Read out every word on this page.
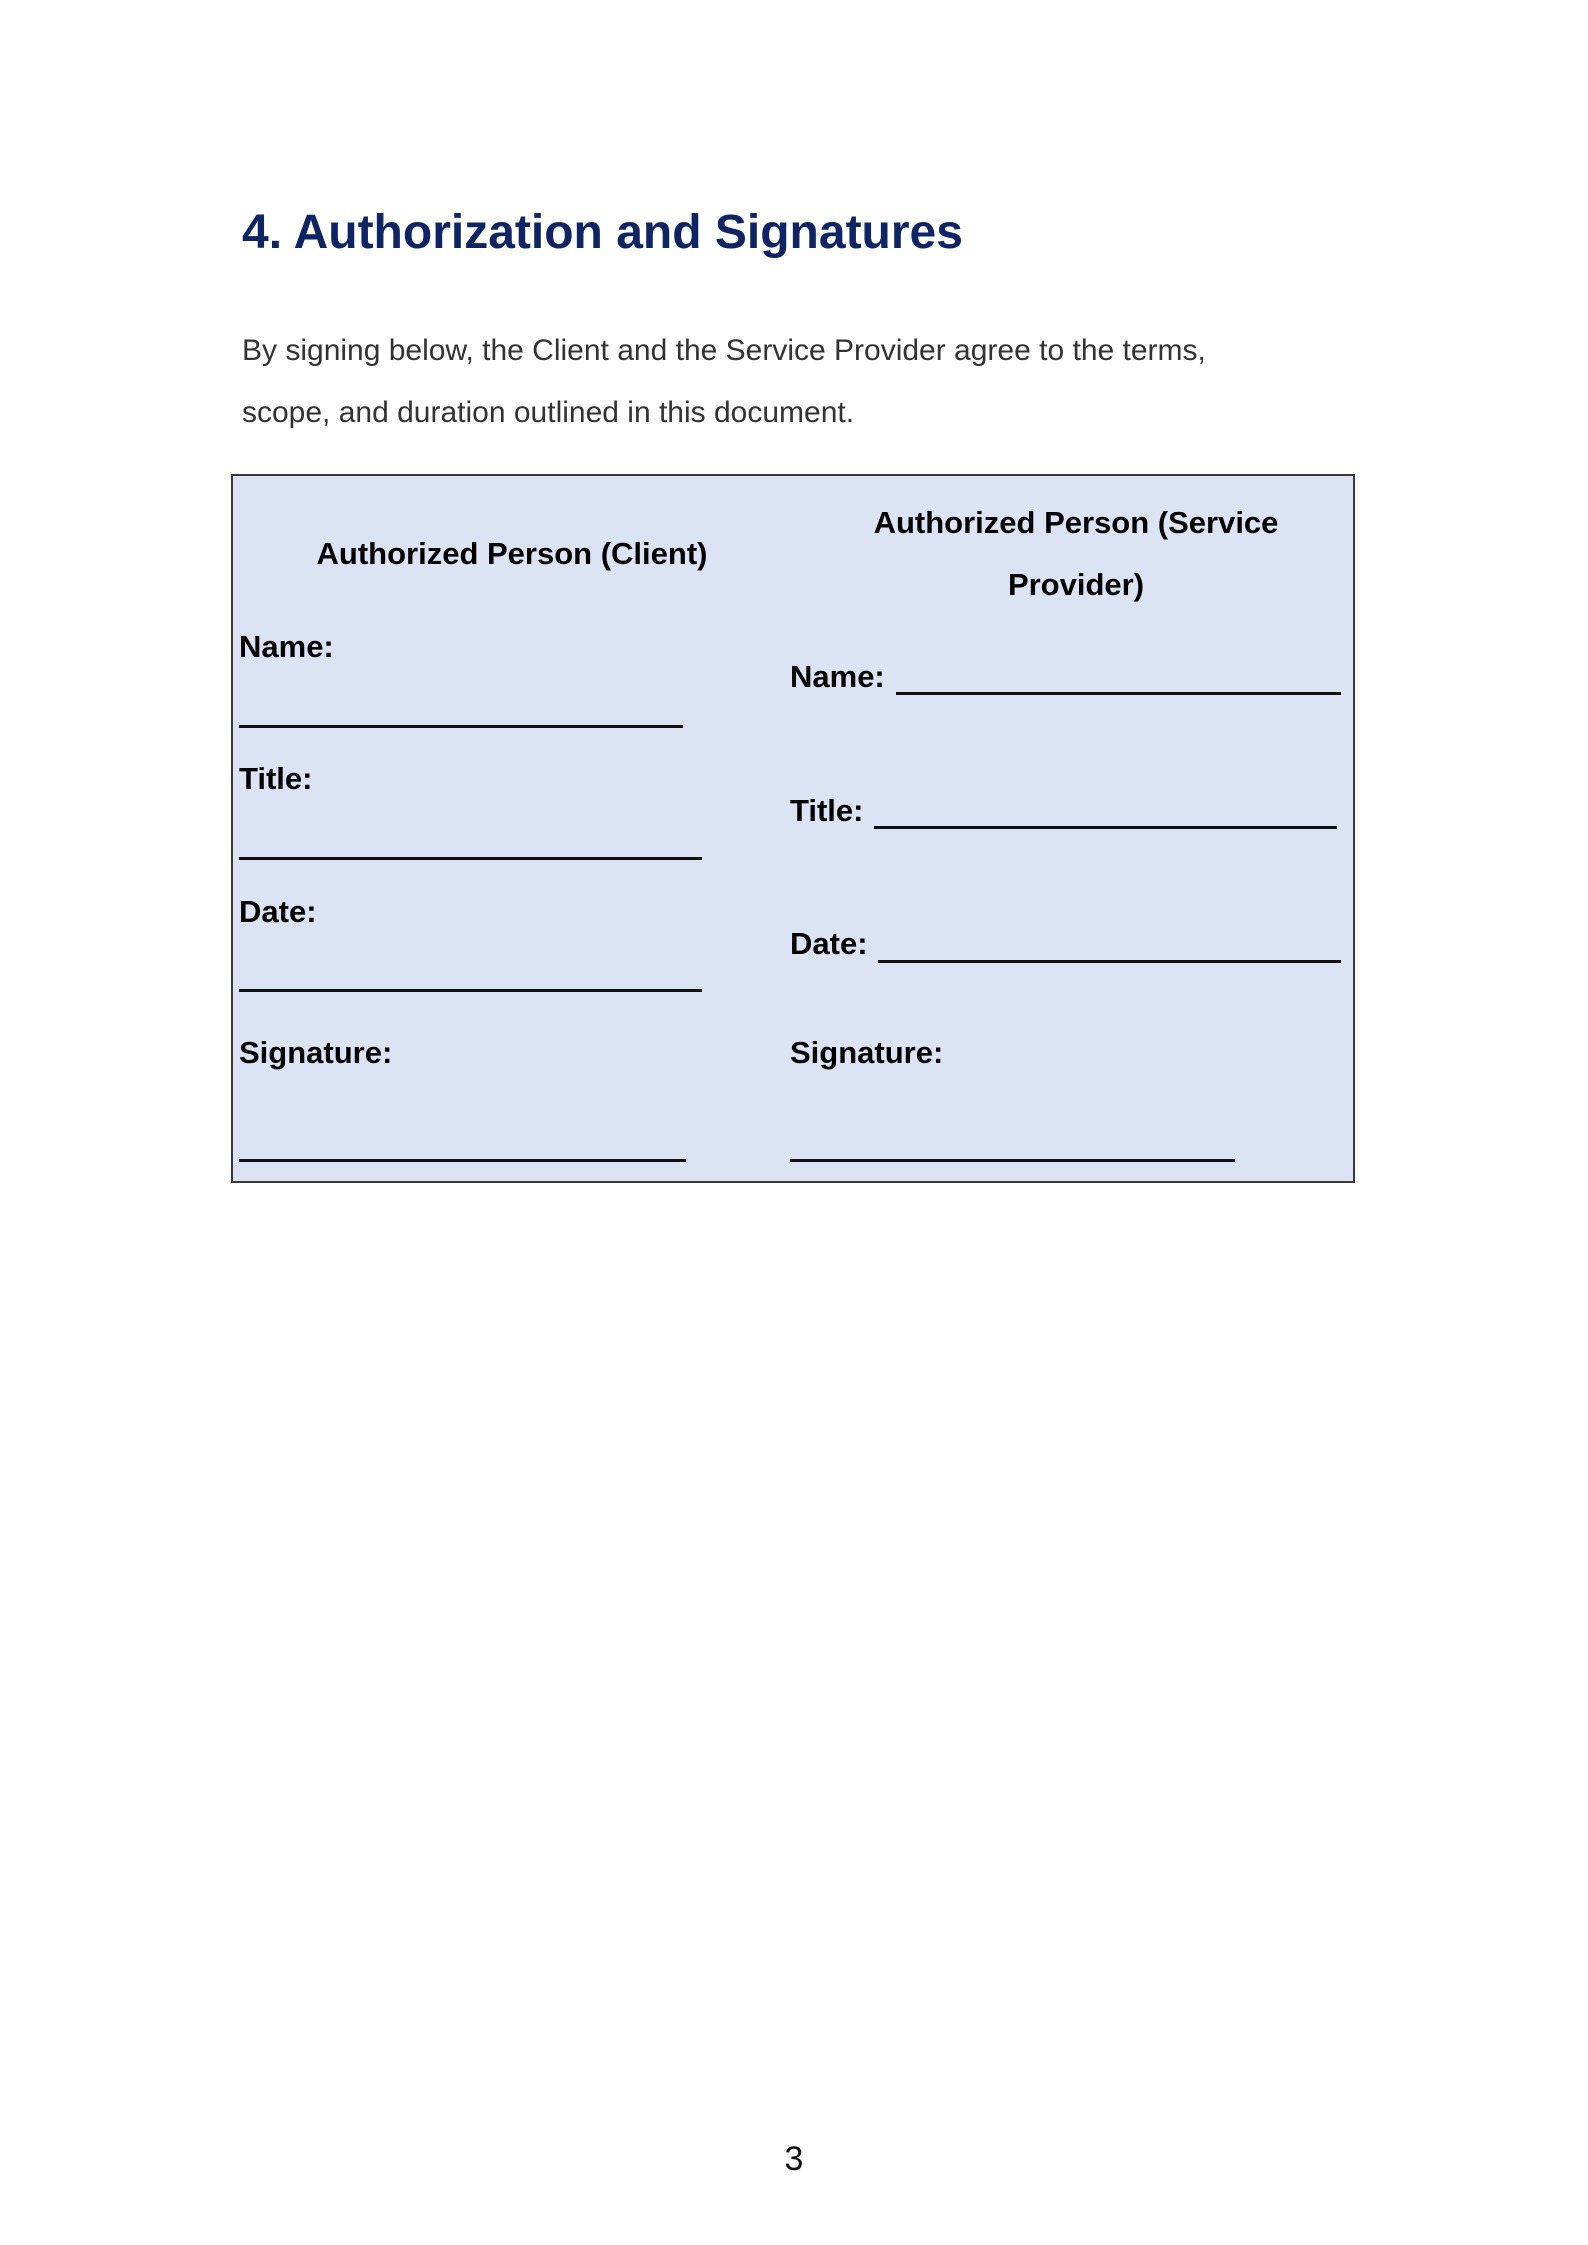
4. Authorization and Signatures
By signing below, the Client and the Service Provider agree to the terms,
scope, and duration outlined in this document.
Authorized Person (Client)
Name:
Title:
Date:
Signature:
Authorized Person (Service
Provider)
Name:
Title:
Date:
Signature:
3
